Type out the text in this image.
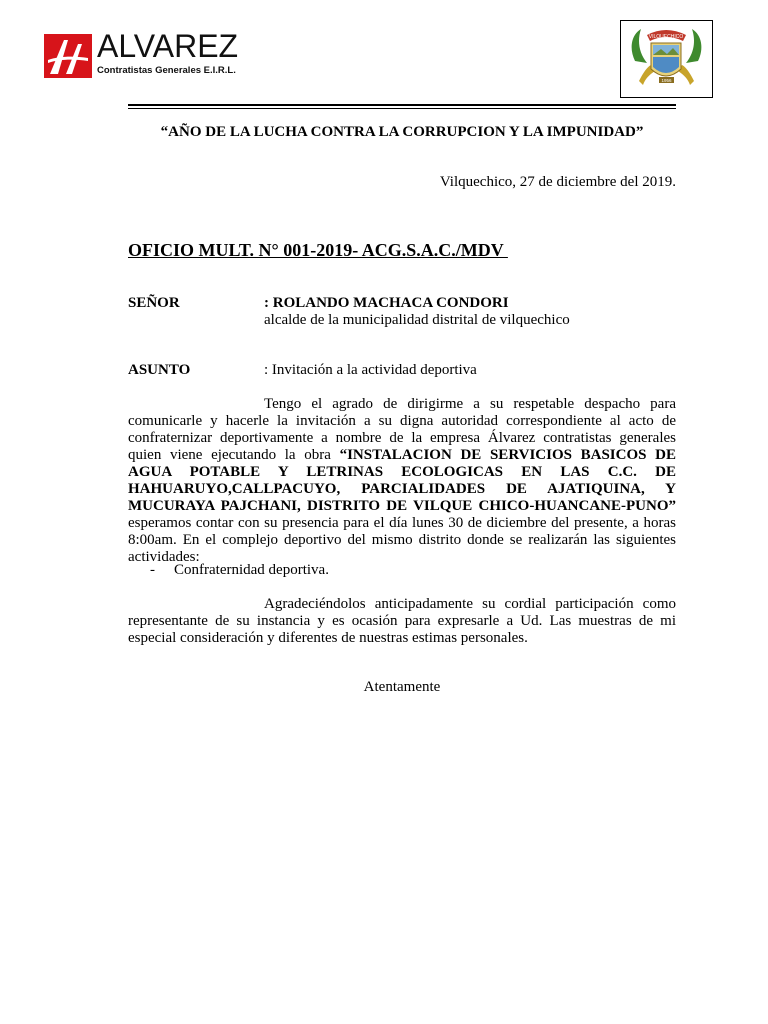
ALVAREZ
Contratistas Generales E.I.R.L.
VILQUECHICO
1956
“AÑO DE LA LUCHA CONTRA LA CORRUPCION Y LA IMPUNIDAD”
Vilquechico, 27 de diciembre del 2019.
OFICIO MULT. N° 001-2019- ACG.S.A.C./MDV
SEÑOR	: ROLANDO MACHACA CONDORI
alcalde de la municipalidad distrital de vilquechico
ASUNTO	: Invitación a la actividad deportiva
Tengo el agrado de dirigirme a su respetable despacho para comunicarle y hacerle la invitación a su digna autoridad correspondiente al acto de confraternizar deportivamente a nombre de la empresa Álvarez contratistas generales quien viene ejecutando la obra “INSTALACION DE SERVICIOS BASICOS DE AGUA POTABLE Y LETRINAS ECOLOGICAS EN LAS C.C. DE HAHUARUYO,CALLPACUYO, PARCIALIDADES DE AJATIQUINA, Y MUCURAYA PAJCHANI, DISTRITO DE VILQUE CHICO-HUANCANE-PUNO” esperamos contar con su presencia para el día lunes 30 de diciembre del presente, a horas 8:00am. En el complejo deportivo del mismo distrito donde se realizarán las siguientes actividades:
- Confraternidad deportiva.
Agradeciéndolos anticipadamente su cordial participación como representante de su instancia y es ocasión para expresarle a Ud. Las muestras de mi especial consideración y diferentes de nuestras estimas personales.
Atentamente
